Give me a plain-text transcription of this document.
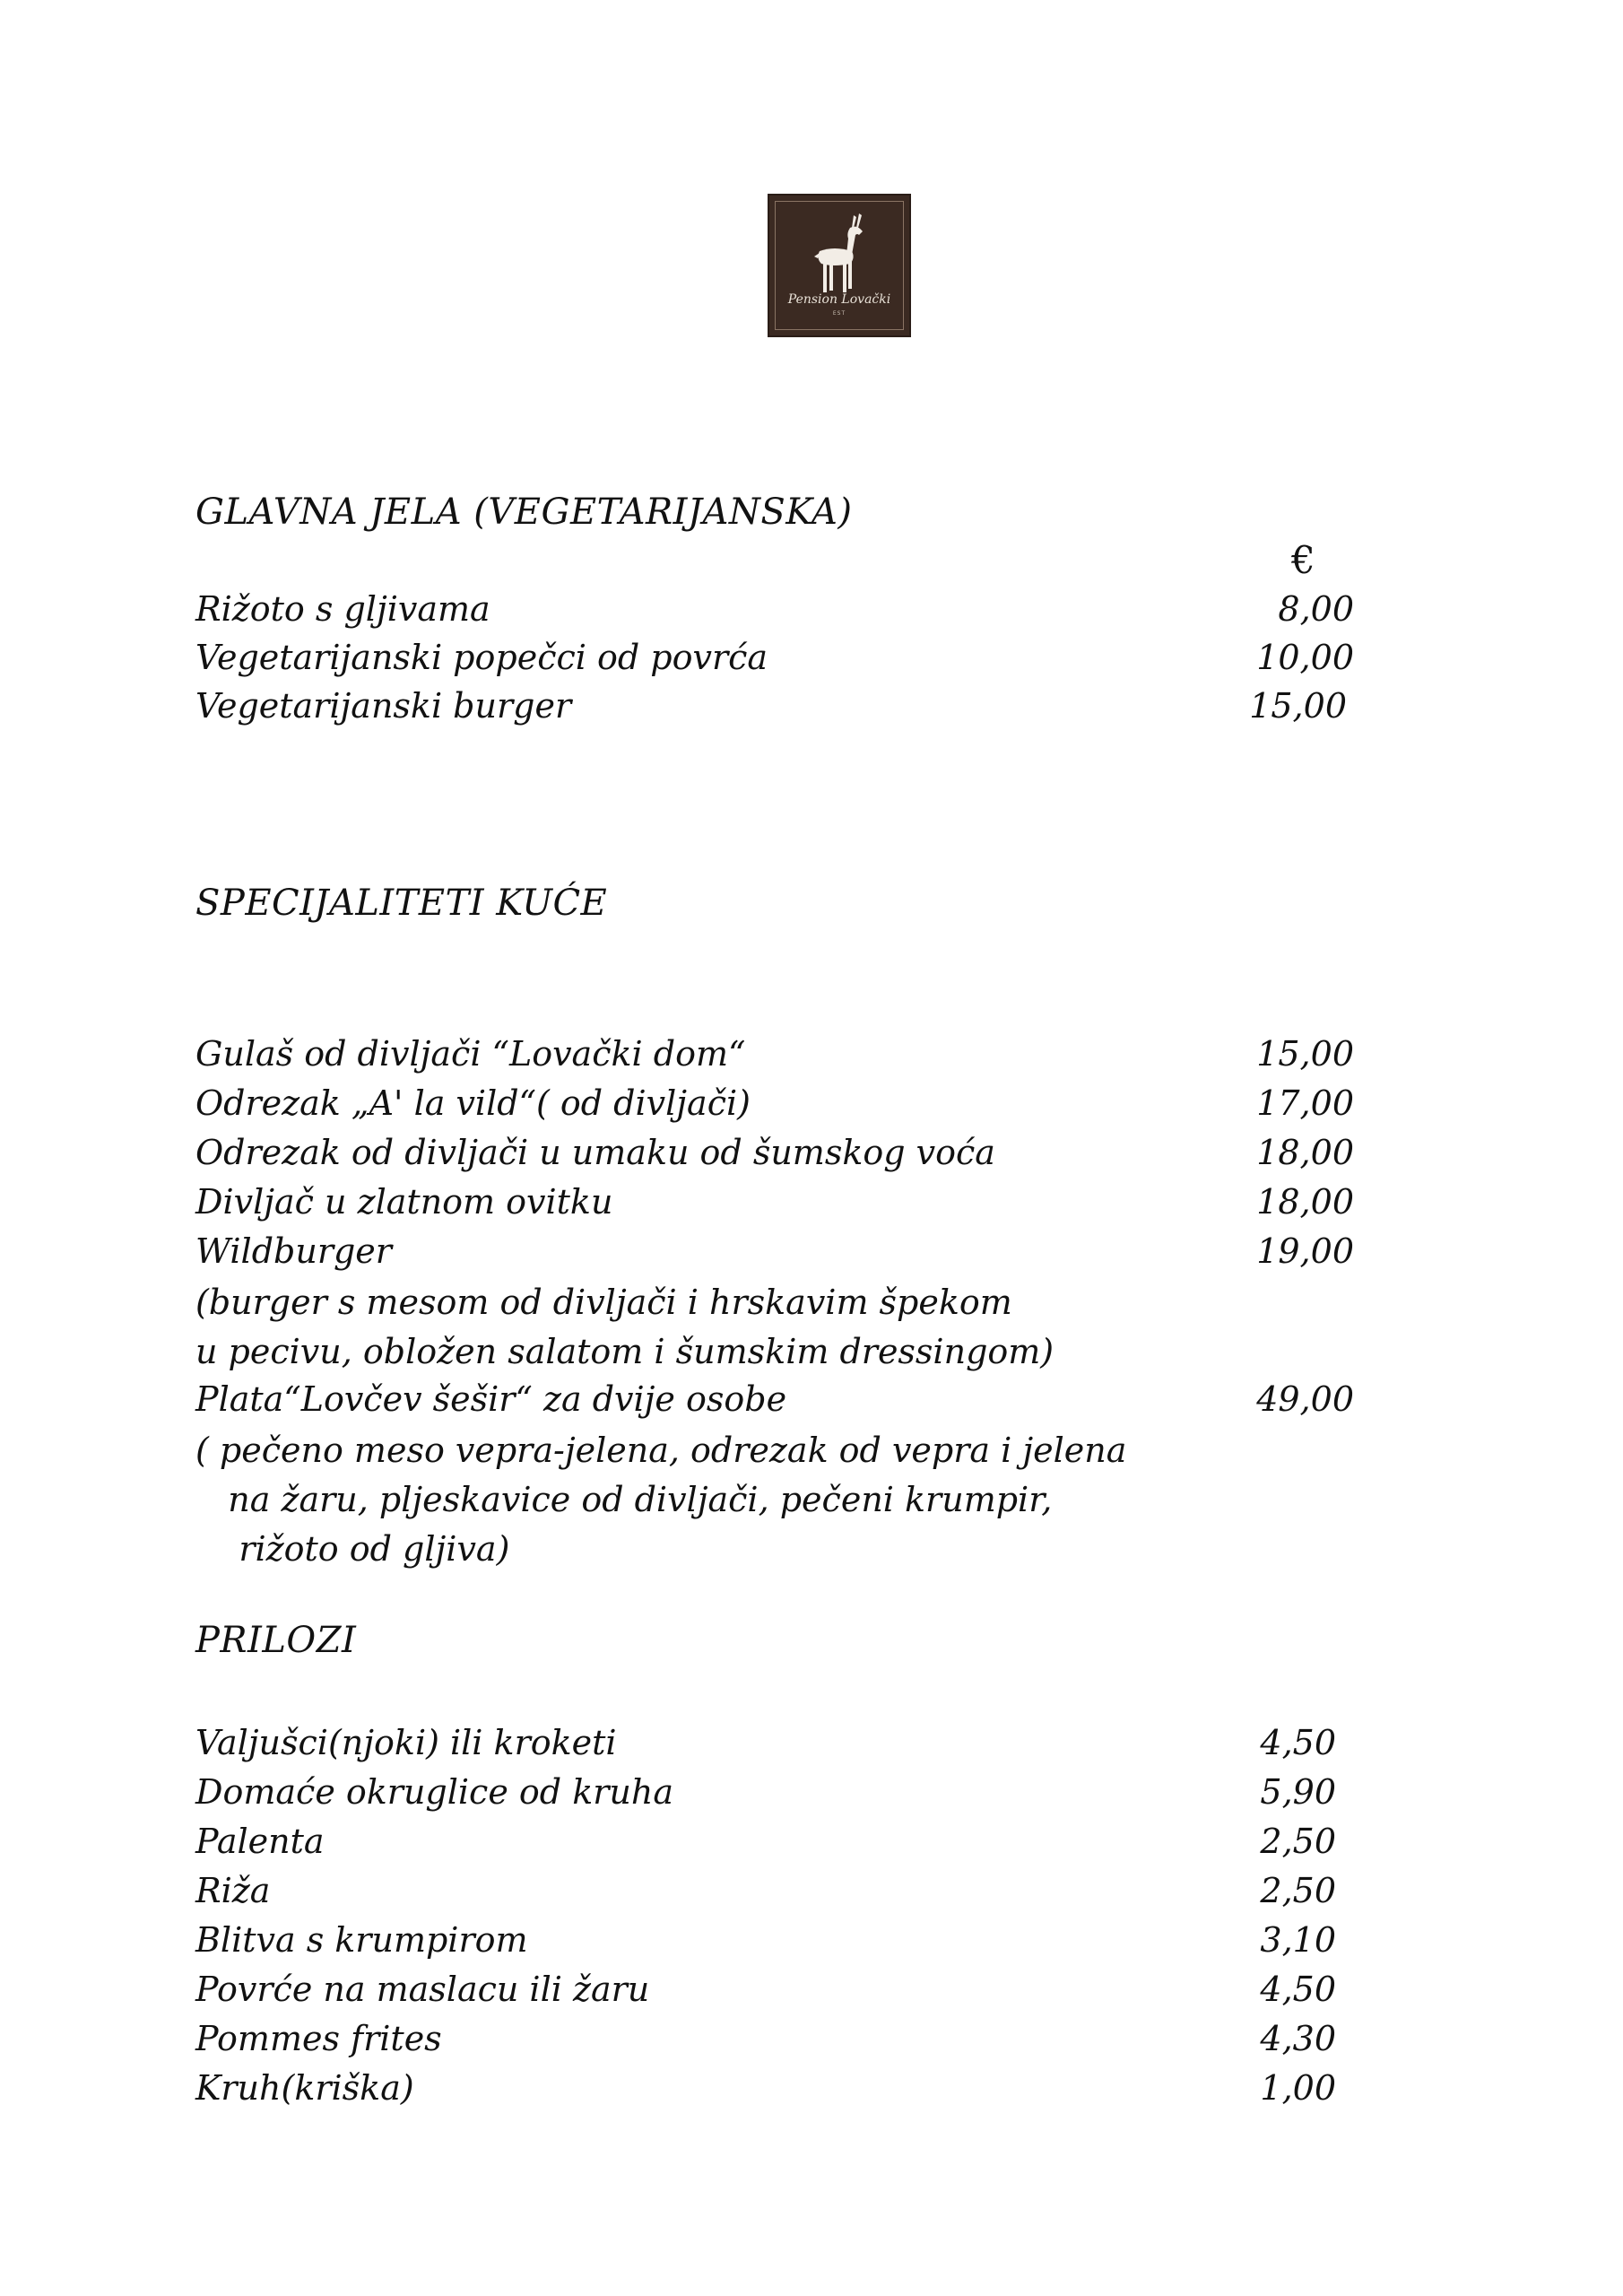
Pension Lovački
EST
GLAVNA JELA (VEGETARIJANSKA)
€
Rižoto s gljivama	8,00
Vegetarijanski popečci od povrća	10,00
Vegetarijanski burger	15,00
SPECIJALITETI KUĆE
Gulaš od divljači “Lovački dom“	15,00
Odrezak „A' la vild“( od divljači)	17,00
Odrezak od divljači u umaku od šumskog voća	18,00
Divljač u zlatnom ovitku	18,00
Wildburger	19,00
(burger s mesom od divljači i hrskavim špekom
u pecivu, obložen salatom i šumskim dressingom)
Plata“Lovčev šešir“ za dvije osobe	49,00
( pečeno meso vepra-jelena, odrezak od vepra i jelena
na žaru, pljeskavice od divljači, pečeni krumpir,
rižoto od gljiva)
PRILOZI
Valjušci(njoki) ili kroketi	4,50
Domaće okruglice od kruha	5,90
Palenta	2,50
Riža	2,50
Blitva s krumpirom	3,10
Povrće na maslacu ili žaru	4,50
Pommes frites	4,30
Kruh(kriška)	1,00
